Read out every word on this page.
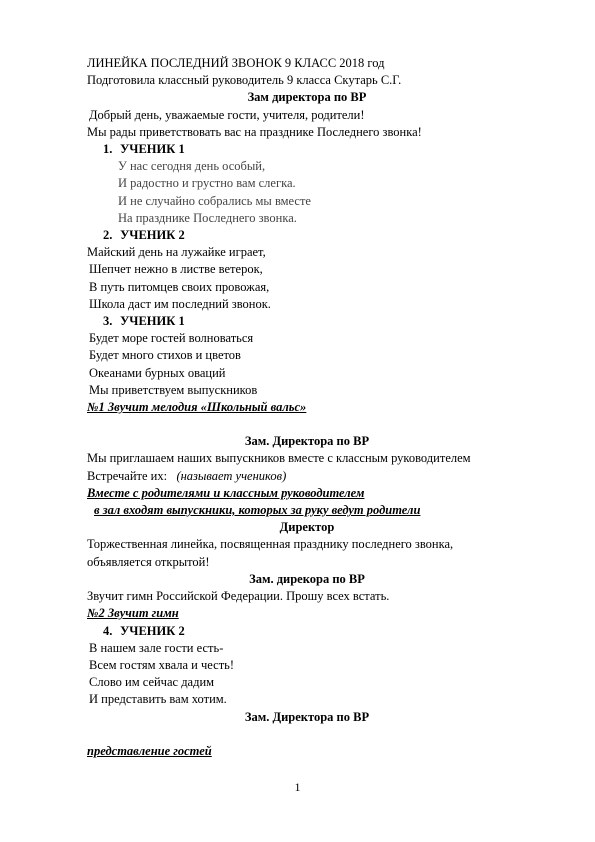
ЛИНЕЙКА ПОСЛЕДНИЙ ЗВОНОК 9 КЛАСС 2018 год
Подготовила классный руководитель 9 класса Скутарь С.Г.
Зам директора по ВР
Добрый день, уважаемые гости, учителя, родители!
Мы рады приветствовать вас на празднике Последнего звонка!
1. УЧЕНИК 1
У нас сегодня день особый,
И радостно и грустно вам слегка.
И не случайно собрались мы вместе
На празднике Последнего звонка.
2. УЧЕНИК 2
Майский день на лужайке играет,
Шепчет нежно в листве ветерок,
В путь питомцев своих провожая,
Школа даст им последний звонок.
3. УЧЕНИК 1
Будет море гостей волноваться
Будет много стихов и цветов
Океанами бурных оваций
Мы приветствуем выпускников
№1 Звучит мелодия «Школьный вальс»
Зам. Директора по ВР
Мы приглашаем наших выпускников вместе с классным руководителем
Встречайте их: (называет учеников)
Вместе с родителями и классным руководителем
в зал входят выпускники, которых за руку ведут родители
Директор
Торжественная линейка, посвященная празднику последнего звонка,
объявляется открытой!
Зам. дирекора по ВР
Звучит гимн Российской Федерации. Прошу всех встать.
№2 Звучит гимн
4. УЧЕНИК 2
В нашем зале гости есть-
Всем гостям хвала и честь!
Слово им сейчас дадим
И представить вам хотим.
Зам. Директора по ВР
представление гостей
1
